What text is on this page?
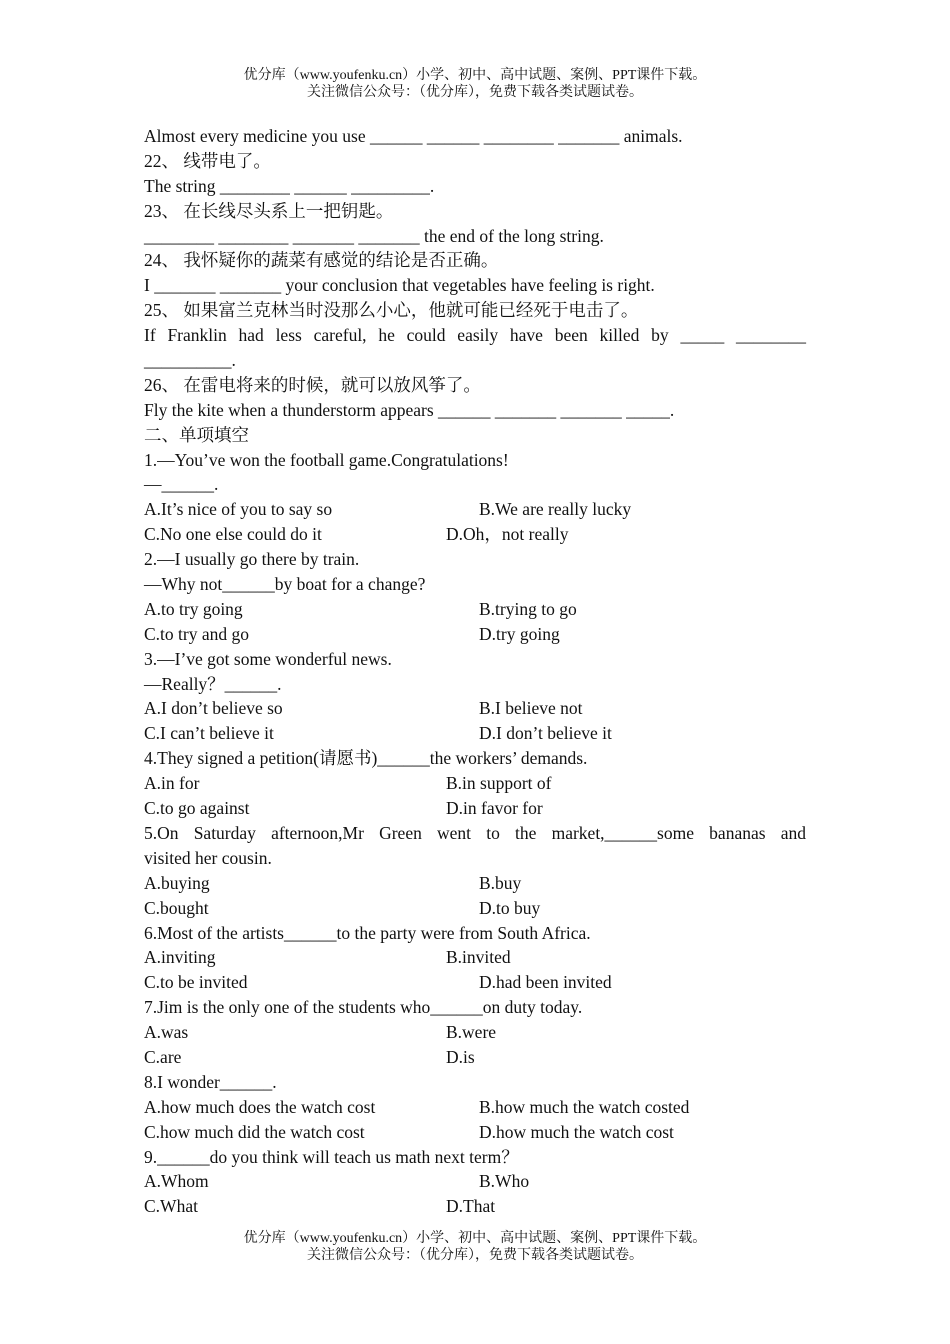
优分库（www.youfenku.cn）小学、初中、高中试题、案例、PPT课件下载。
关注微信公众号：（优分库），免费下载各类试题试卷。
Almost every medicine you use ______ ______ ________ _______ animals.
22、 线带电了。
The string ________ ______ _________.
23、 在长线尽头系上一把钥匙。
________ ________ _______ _______ the end of the long string.
24、 我怀疑你的蔬菜有感觉的结论是否正确。
I _______ _______ your conclusion that vegetables have feeling is right.
25、 如果富兰克林当时没那么小心，他就可能已经死于电击了。
If Franklin had less careful, he could easily have been killed by _____ ________
__________.
26、 在雷电将来的时候，就可以放风筝了。
Fly the kite when a thunderstorm appears ______ _______ _______ _____.
二、单项填空
1.—You’ve won the football game.Congratulations!
—______.
A.It’s nice of you to say so	B.We are really lucky
C.No one else could do it	D.Oh，not really
2.—I usually go there by train.
—Why not______by boat for a change?
A.to try going	B.trying to go
C.to try and go	D.try going
3.—I’ve got some wonderful news.
—Really？______.
A.I don’t believe so	B.I believe not
C.I can’t believe it	D.I don’t believe it
4.They signed a petition(请愿书)______the workers’ demands.
A.in for	B.in support of
C.to go against	D.in favor for
5.On Saturday afternoon,Mr Green went to the market,______some bananas and
visited her cousin.
A.buying	B.buy
C.bought	D.to buy
6.Most of the artists______to the party were from South Africa.
A.inviting	B.invited
C.to be invited	D.had been invited
7.Jim is the only one of the students who______on duty today.
A.was	B.were
C.are	D.is
8.I wonder______.
A.how much does the watch cost	B.how much the watch costed
C.how much did the watch cost	D.how much the watch cost
9.______do you think will teach us math next term？
A.Whom	B.Who
C.What	D.That
优分库（www.youfenku.cn）小学、初中、高中试题、案例、PPT课件下载。
关注微信公众号：（优分库），免费下载各类试题试卷。
